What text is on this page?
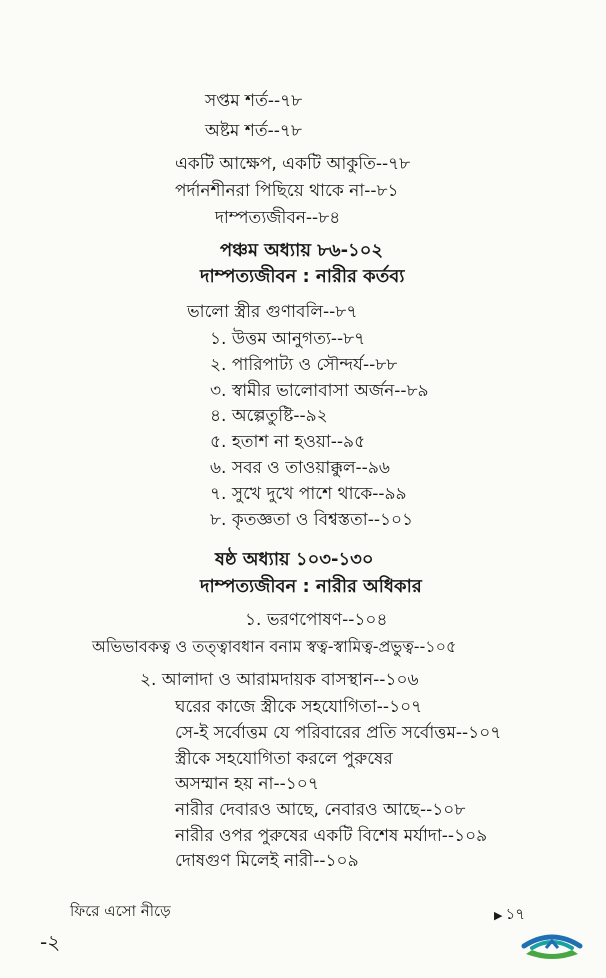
সপ্তম শর্ত--৭৮
অষ্টম শর্ত--৭৮
একটি আক্ষেপ, একটি আকুতি--৭৮
পর্দানশীনরা পিছিয়ে থাকে না--৮১
দাম্পত্যজীবন--৮৪
পঞ্চম অধ্যায় ৮৬-১০২
দাম্পত্যজীবন : নারীর কর্তব্য
ভালো স্ত্রীর গুণাবলি--৮৭
১. উত্তম আনুগত্য--৮৭
২. পারিপাট্য ও সৌন্দর্য--৮৮
৩. স্বামীর ভালোবাসা অর্জন--৮৯
৪. অল্পেতুষ্টি--৯২
৫. হতাশ না হওয়া--৯৫
৬. সবর ও তাওয়াক্কুল--৯৬
৭. সুখে দুখে পাশে থাকে--৯৯
৮. কৃতজ্ঞতা ও বিশ্বস্ততা--১০১
ষষ্ঠ অধ্যায় ১০৩-১৩০
দাম্পত্যজীবন : নারীর অধিকার
১. ভরণপোষণ--১০৪
অভিভাবকত্ব ও তত্ত্বাবধান বনাম স্বত্ব-স্বামিত্ব-প্রভুত্ব--১০৫
২. আলাদা ও আরামদায়ক বাসস্থান--১০৬
ঘরের কাজে স্ত্রীকে সহযোগিতা--১০৭
সে-ই সর্বোত্তম যে পরিবারের প্রতি সর্বোত্তম--১০৭
স্ত্রীকে সহযোগিতা করলে পুরুষের
অসম্মান হয় না--১০৭
নারীর দেবারও আছে, নেবারও আছে--১০৮
নারীর ওপর পুরুষের একটি বিশেষ মর্যাদা--১০৯
দোষগুণ মিলেই নারী--১০৯
ফিরে এসো নীড়ে
-২
▶ ১৭
